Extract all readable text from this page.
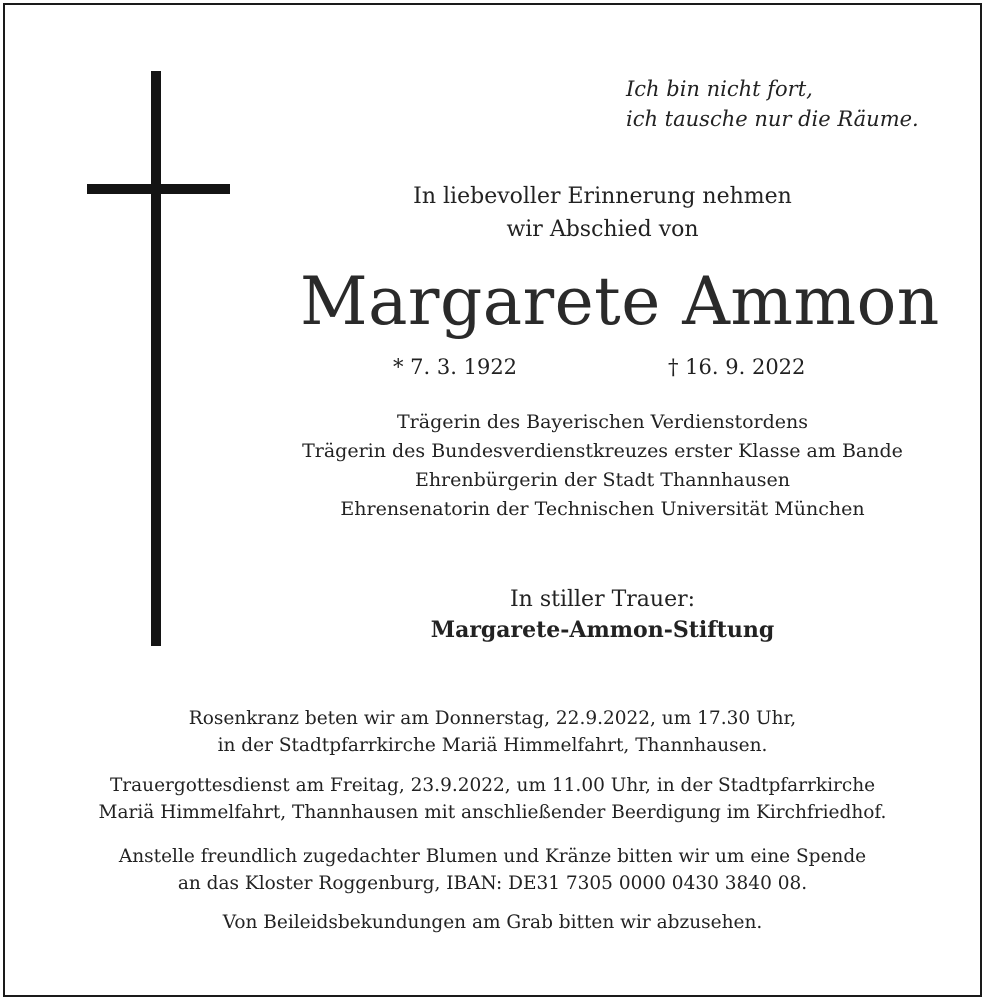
Ich bin nicht fort,
ich tausche nur die Räume.
In liebevoller Erinnerung nehmen
wir Abschied von
Margarete Ammon
* 7. 3. 1922	† 16. 9. 2022
Trägerin des Bayerischen Verdienstordens
Trägerin des Bundesverdienstkreuzes erster Klasse am Bande
Ehrenbürgerin der Stadt Thannhausen
Ehrensenatorin der Technischen Universität München
In stiller Trauer:
Margarete-Ammon-Stiftung
Rosenkranz beten wir am Donnerstag, 22.9.2022, um 17.30 Uhr,
in der Stadtpfarrkirche Mariä Himmelfahrt, Thannhausen.
Trauergottesdienst am Freitag, 23.9.2022, um 11.00 Uhr, in der Stadtpfarrkirche
Mariä Himmelfahrt, Thannhausen mit anschließender Beerdigung im Kirchfriedhof.
Anstelle freundlich zugedachter Blumen und Kränze bitten wir um eine Spende
an das Kloster Roggenburg, IBAN: DE31 7305 0000 0430 3840 08.
Von Beileidsbekundungen am Grab bitten wir abzusehen.
